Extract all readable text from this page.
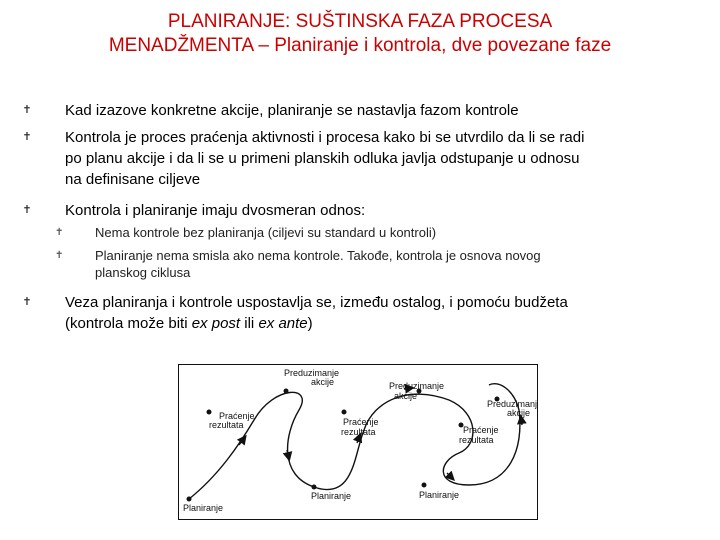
PLANIRANJE: SUŠTINSKA FAZA PROCESA
MENADŽMENTA – Planiranje i kontrola, dve povezane faze
✝ Kad izazove konkretne akcije, planiranje se nastavlja fazom kontrole
✝ Kontrola je proces praćenja aktivnosti i procesa kako bi se utvrdilo da li se radi
po planu akcije i da li se u primeni planskih odluka javlja odstupanje u odnosu
na definisane ciljeve
✝ Kontrola i planiranje imaju dvosmeran odnos:
✝ Nema kontrole bez planiranja (ciljevi su standard u kontroli)
✝ Planiranje nema smisla ako nema kontrole. Takođe, kontrola je osnova novog
planskog ciklusa
✝ Veza planiranja i kontrole uspostavlja se, između ostalog, i pomoću budžeta
(kontrola može biti ex post ili ex ante)
Planiranje
Preduzimanje
akcije
Praćenje
rezultata
Preduzimanje
akcije
Praćenje
rezultata
Planiranje	Planiranje
Preduzimanje
akcije
Praćenje
rezultata
